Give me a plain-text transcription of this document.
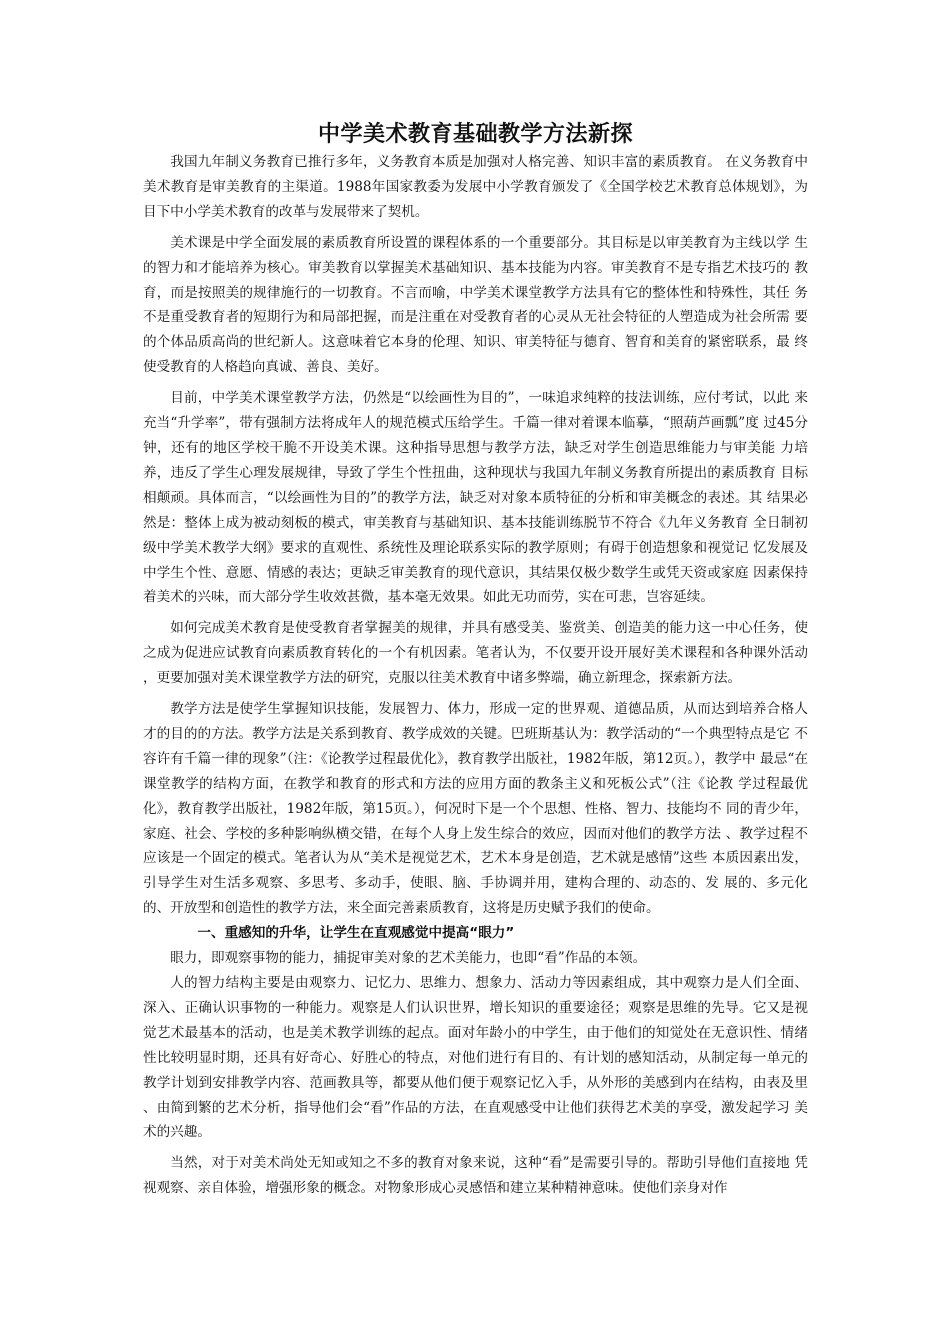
中学美术教育基础教学方法新探

我国九年制义务教育已推行多年，义务教育本质是加强对人格完善、知识丰富的素质教育。 在义务教育中 美术教育是审美教育的主渠道。1988年国家教委为发展中小学教育颁发了《全国学校艺术教育总体规划》，为 目下中小学美术教育的改革与发展带来了契机。

美术课是中学全面发展的素质教育所设置的课程体系的一个重要部分。其目标是以审美教育为主线以学 生的智力和才能培养为核心。审美教育以掌握美术基础知识、基本技能为内容。审美教育不是专指艺术技巧的 教育，而是按照美的规律施行的一切教育。不言而喻，中学美术课堂教学方法具有它的整体性和特殊性，其任 务不是重受教育者的短期行为和局部把握，而是注重在对受教育者的心灵从无社会特征的人塑造成为社会所需 要的个体品质高尚的世纪新人。这意味着它本身的伦理、知识、审美特征与德育、智育和美育的紧密联系，最 终使受教育的人格趋向真诚、善良、美好。

目前，中学美术课堂教学方法，仍然是“以绘画性为目的”，一味追求纯粹的技法训练，应付考试，以此 来充当“升学率”，带有强制方法将成年人的规范模式压给学生。千篇一律对着课本临摹，“照葫芦画瓢”度 过45分钟，还有的地区学校干脆不开设美术课。这种指导思想与教学方法，缺乏对学生创造思维能力与审美能 力培养，违反了学生心理发展规律，导致了学生个性扭曲，这种现状与我国九年制义务教育所提出的素质教育 目标相颠顽。具体而言，“以绘画性为目的”的教学方法，缺乏对对象本质特征的分析和审美概念的表述。其 结果必然是：整体上成为被动刻板的模式，审美教育与基础知识、基本技能训练脱节不符合《九年义务教育 全日制初级中学美术教学大纲》要求的直观性、系统性及理论联系实际的教学原则；有碍于创造想象和视觉记 忆发展及中学生个性、意愿、情感的表达；更缺乏审美教育的现代意识，其结果仅极少数学生或凭天资或家庭 因素保持着美术的兴味，而大部分学生收效甚微，基本毫无效果。如此无功而劳，实在可悲，岂容延续。

如何完成美术教育是使受教育者掌握美的规律，并具有感受美、鉴赏美、创造美的能力这一中心任务，使 之成为促进应试教育向素质教育转化的一个有机因素。笔者认为，不仅要开设开展好美术课程和各种课外活动 ，更要加强对美术课堂教学方法的研究，克服以往美术教育中诸多弊端，确立新理念，探索新方法。

教学方法是使学生掌握知识技能，发展智力、体力，形成一定的世界观、道德品质，从而达到培养合格人 才的目的的方法。教学方法是关系到教育、教学成效的关键。巴班斯基认为：教学活动的“一个典型特点是它 不容许有千篇一律的现象”（注：《论教学过程最优化》，教育教学出版社，1982年版，第12页。），教学中 最忌“在课堂教学的结构方面，在教学和教育的形式和方法的应用方面的教条主义和死板公式”（注《论教 学过程最优化》，教育教学出版社，1982年版，第15页。），何况时下是一个个思想、性格、智力、技能均不 同的青少年，家庭、社会、学校的多种影响纵横交错，在每个人身上发生综合的效应，因而对他们的教学方法 、教学过程不应该是一个固定的模式。笔者认为从“美术是视觉艺术，艺术本身是创造，艺术就是感情”这些 本质因素出发，引导学生对生活多观察、多思考、多动手，使眼、脑、手协调并用，建构合理的、动态的、发 展的、多元化的、开放型和创造性的教学方法，来全面完善素质教育，这将是历史赋予我们的使命。

一、重感知的升华，让学生在直观感觉中提高“眼力”

眼力，即观察事物的能力，捕捉审美对象的艺术美能力，也即“看”作品的本领。

人的智力结构主要是由观察力、记忆力、思维力、想象力、活动力等因素组成，其中观察力是人们全面、深入、正确认识事物的一种能力。观察是人们认识世界，增长知识的重要途径；观察是思维的先导。它又是视 觉艺术最基本的活动，也是美术教学训练的起点。面对年龄小的中学生，由于他们的知觉处在无意识性、情绪 性比较明显时期，还具有好奇心、好胜心的特点，对他们进行有目的、有计划的感知活动，从制定每一单元的 教学计划到安排教学内容、范画教具等，都要从他们便于观察记忆入手，从外形的美感到内在结构，由表及里 、由简到繁的艺术分析，指导他们会“看”作品的方法，在直观感受中让他们获得艺术美的享受，激发起学习 美术的兴趣。

当然，对于对美术尚处无知或知之不多的教育对象来说，这种“看”是需要引导的。帮助引导他们直接地 凭视观察、亲自体验，增强形象的概念。对物象形成心灵感悟和建立某种精神意味。使他们亲身对作
